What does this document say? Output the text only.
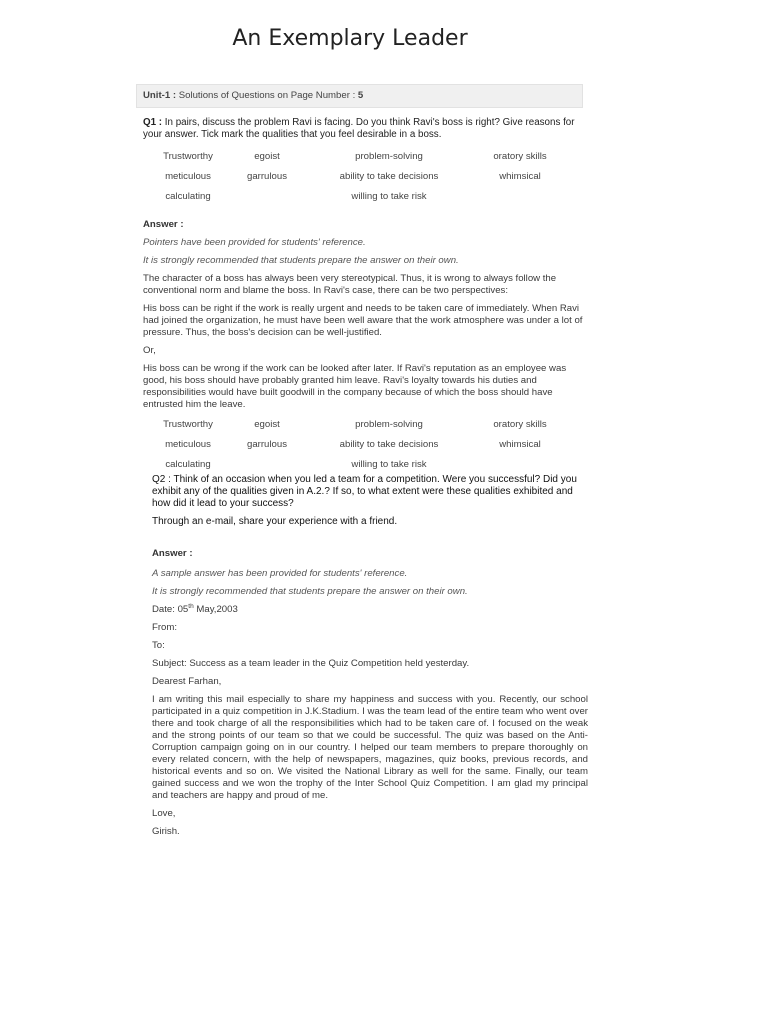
An Exemplary Leader
Unit-1 : Solutions of Questions on Page Number : 5
Q1 : In pairs, discuss the problem Ravi is facing. Do you think Ravi's boss is right? Give reasons for your answer. Tick mark the qualities that you feel desirable in a boss.
Trustworthy	egoist	problem-solving	oratory skills
meticulous	garrulous	ability to take decisions	whimsical
calculating		willing to take risk	
Answer :

Pointers have been provided for students' reference.

It is strongly recommended that students prepare the answer on their own.

The character of a boss has always been very stereotypical. Thus, it is wrong to always follow the conventional norm and blame the boss. In Ravi's case, there can be two perspectives:

His boss can be right if the work is really urgent and needs to be taken care of immediately. When Ravi had joined the organization, he must have been well aware that the work atmosphere was under a lot of pressure. Thus, the boss's decision can be well-justified.

Or,

His boss can be wrong if the work can be looked after later. If Ravi's reputation as an employee was good, his boss should have probably granted him leave. Ravi's loyalty towards his duties and responsibilities would have built goodwill in the company because of which the boss should have entrusted him the leave.

Trustworthy	egoist	problem-solving	oratory skills
meticulous	garrulous	ability to take decisions	whimsical
calculating		willing to take risk	
Q2 : Think of an occasion when you led a team for a competition. Were you successful? Did you exhibit any of the qualities given in A.2.? If so, to what extent were these qualities exhibited and how did it lead to your success?

Through an e-mail, share your experience with a friend.

Answer :

A sample answer has been provided for students' reference.

It is strongly recommended that students prepare the answer on their own.

Date: 05th May,2003

From:

To:

Subject: Success as a team leader in the Quiz Competition held yesterday.

Dearest Farhan,

I am writing this mail especially to share my happiness and success with you. Recently, our school participated in a quiz competition in J.K.Stadium. I was the team lead of the entire team who went over there and took charge of all the responsibilities which had to be taken care of. I focused on the weak and the strong points of our team so that we could be successful. The quiz was based on the Anti-Corruption campaign going on in our country. I helped our team members to prepare thoroughly on every related concern, with the help of newspapers, magazines, quiz books, previous records, and historical events and so on. We visited the National Library as well for the same. Finally, our team gained success and we won the trophy of the Inter School Quiz Competition. I am glad my principal and teachers are happy and proud of me.

Love,

Girish.
